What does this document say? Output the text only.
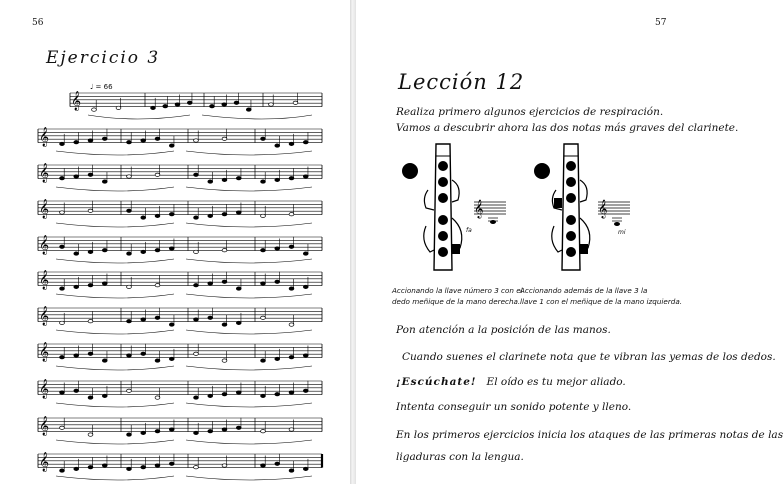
56
Ejercicio 3
♩ = 66
𝄞
𝄞
𝄞
𝄞
𝄞
𝄞
𝄞
𝄞
𝄞
𝄞
𝄞
57
Lección 12
Realiza primero algunos ejercicios de respiración.
Vamos a descubrir ahora las dos notas más graves del clarinete.
𝄞
fa
𝄞
mi
Accionando la llave número 3 con el
dedo meñique de la mano derecha.
Accionando además de la llave 3 la
llave 1 con el meñique de la mano izquierda.
Pon atención a la posición de las manos.
Cuando suenes el clarinete nota que te vibran las yemas de los dedos.
¡Escúchate! El oído es tu mejor aliado.
Intenta conseguir un sonido potente y lleno.
En los primeros ejercicios inicia los ataques de las primeras notas de las
ligaduras con la lengua.
